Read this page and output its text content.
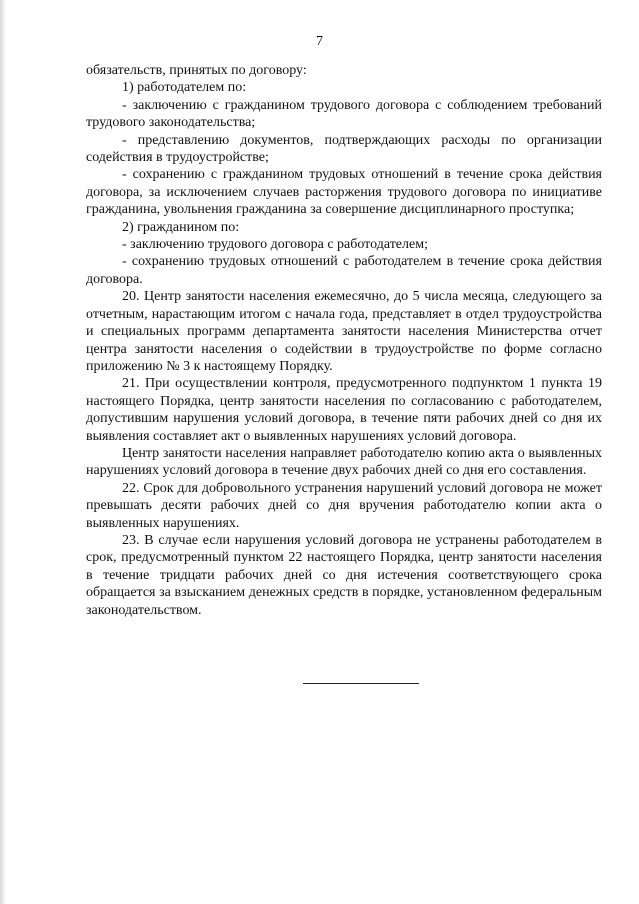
7

обязательств, принятых по договору:

1) работодателем по:

- заключению с гражданином трудового договора с соблюдением требований трудового законодательства;

- представлению документов, подтверждающих расходы по организации содействия в трудоустройстве;

- сохранению с гражданином трудовых отношений в течение срока действия договора, за исключением случаев расторжения трудового договора по инициативе гражданина, увольнения гражданина за совершение дисциплинарного проступка;

2) гражданином по:

- заключению трудового договора с работодателем;

- сохранению трудовых отношений с работодателем в течение срока действия договора.

20. Центр занятости населения ежемесячно, до 5 числа месяца, следующего за отчетным, нарастающим итогом с начала года, представляет в отдел трудоустройства и специальных программ департамента занятости населения Министерства отчет центра занятости населения о содействии в трудоустройстве по форме согласно приложению № 3 к настоящему Порядку.

21. При осуществлении контроля, предусмотренного подпунктом 1 пункта 19 настоящего Порядка, центр занятости населения по согласованию с работодателем, допустившим нарушения условий договора, в течение пяти рабочих дней со дня их выявления составляет акт о выявленных нарушениях условий договора.

Центр занятости населения направляет работодателю копию акта о выявленных нарушениях условий договора в течение двух рабочих дней со дня его составления.

22. Срок для добровольного устранения нарушений условий договора не может превышать десяти рабочих дней со дня вручения работодателю копии акта о выявленных нарушениях.

23. В случае если нарушения условий договора не устранены работодателем в срок, предусмотренный пунктом 22 настоящего Порядка, центр занятости населения в течение тридцати рабочих дней со дня истечения соответствующего срока обращается за взысканием денежных средств в порядке, установленном федеральным законодательством.
